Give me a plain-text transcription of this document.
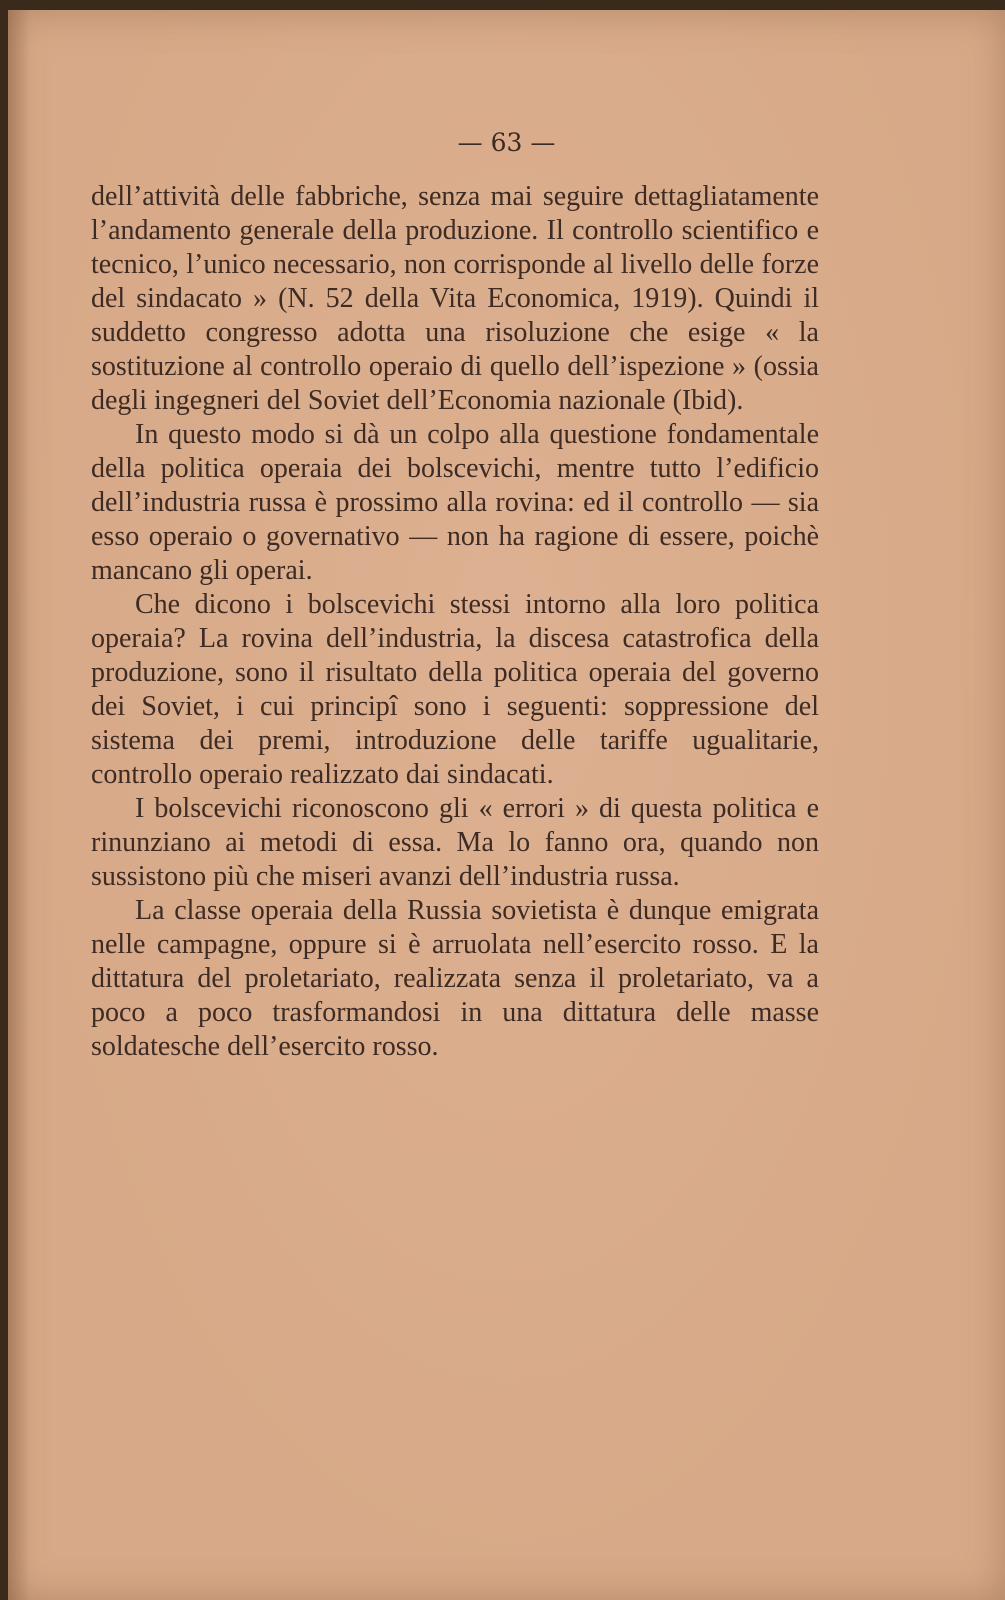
— 63 —

dell’attività delle fabbriche, senza mai seguire dettagliatamente l’andamento generale della produzione. Il controllo scientifico e tecnico, l’unico necessario, non corrisponde al livello delle forze del sindacato » (N. 52 della Vita Economica, 1919). Quindi il suddetto congresso adotta una risoluzione che esige « la sostituzione al controllo operaio di quello dell’ispezione » (ossia degli ingegneri del Soviet dell’Economia nazionale (Ibid).

In questo modo si dà un colpo alla questione fondamentale della politica operaia dei bolscevichi, mentre tutto l’edificio dell’industria russa è prossimo alla rovina: ed il controllo — sia esso operaio o governativo — non ha ragione di essere, poichè mancano gli operai.

Che dicono i bolscevichi stessi intorno alla loro politica operaia? La rovina dell’industria, la discesa catastrofica della produzione, sono il risultato della politica operaia del governo dei Soviet, i cui principî sono i seguenti: soppressione del sistema dei premi, introduzione delle tariffe ugualitarie, controllo operaio realizzato dai sindacati.

I bolscevichi riconoscono gli « errori » di questa politica e rinunziano ai metodi di essa. Ma lo fanno ora, quando non sussistono più che miseri avanzi dell’industria russa.

La classe operaia della Russia sovietista è dunque emigrata nelle campagne, oppure si è arruolata nell’esercito rosso. E la dittatura del proletariato, realizzata senza il proletariato, va a poco a poco trasformandosi in una dittatura delle masse soldatesche dell’esercito rosso.
